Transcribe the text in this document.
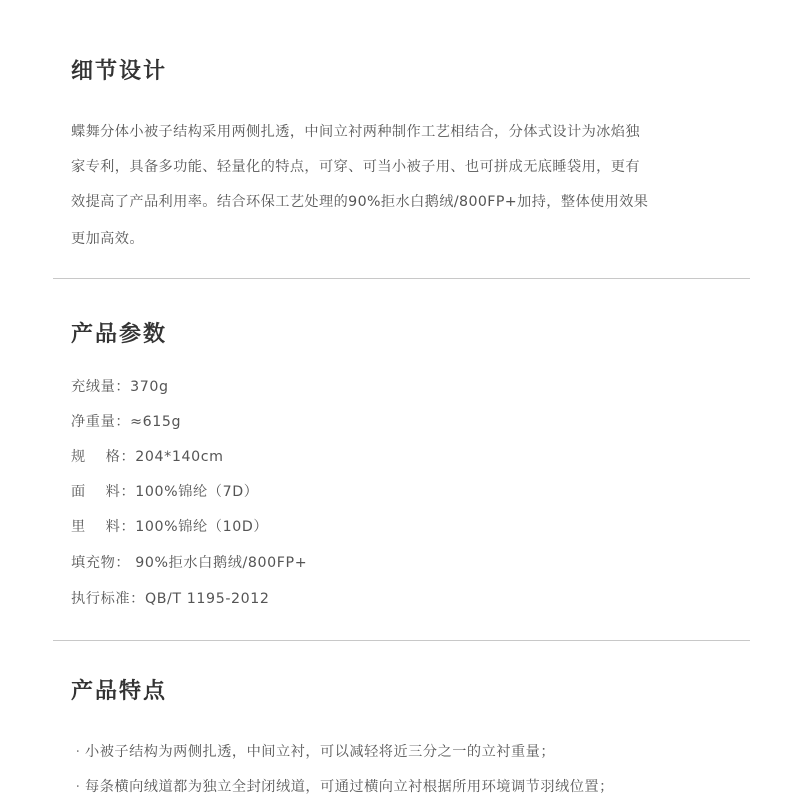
细节设计

蝶舞分体小被子结构采用两侧扎透，中间立衬两种制作工艺相结合，分体式设计为冰焰独

家专利，具备多功能、轻量化的特点，可穿、可当小被子用、也可拼成无底睡袋用，更有

效提高了产品利用率。结合环保工艺处理的90%拒水白鹅绒/800FP+加持，整体使用效果

更加高效。

产品参数

充绒量：370g

净重量：≈615g

规  格：204*140cm

面  料：100%锦纶（7D）

里  料：100%锦纶（10D）

填充物： 90%拒水白鹅绒/800FP+

执行标准：QB/T 1195-2012

产品特点

· 小被子结构为两侧扎透，中间立衬，可以减轻将近三分之一的立衬重量；

· 每条横向绒道都为独立全封闭绒道，可通过横向立衬根据所用环境调节羽绒位置；
